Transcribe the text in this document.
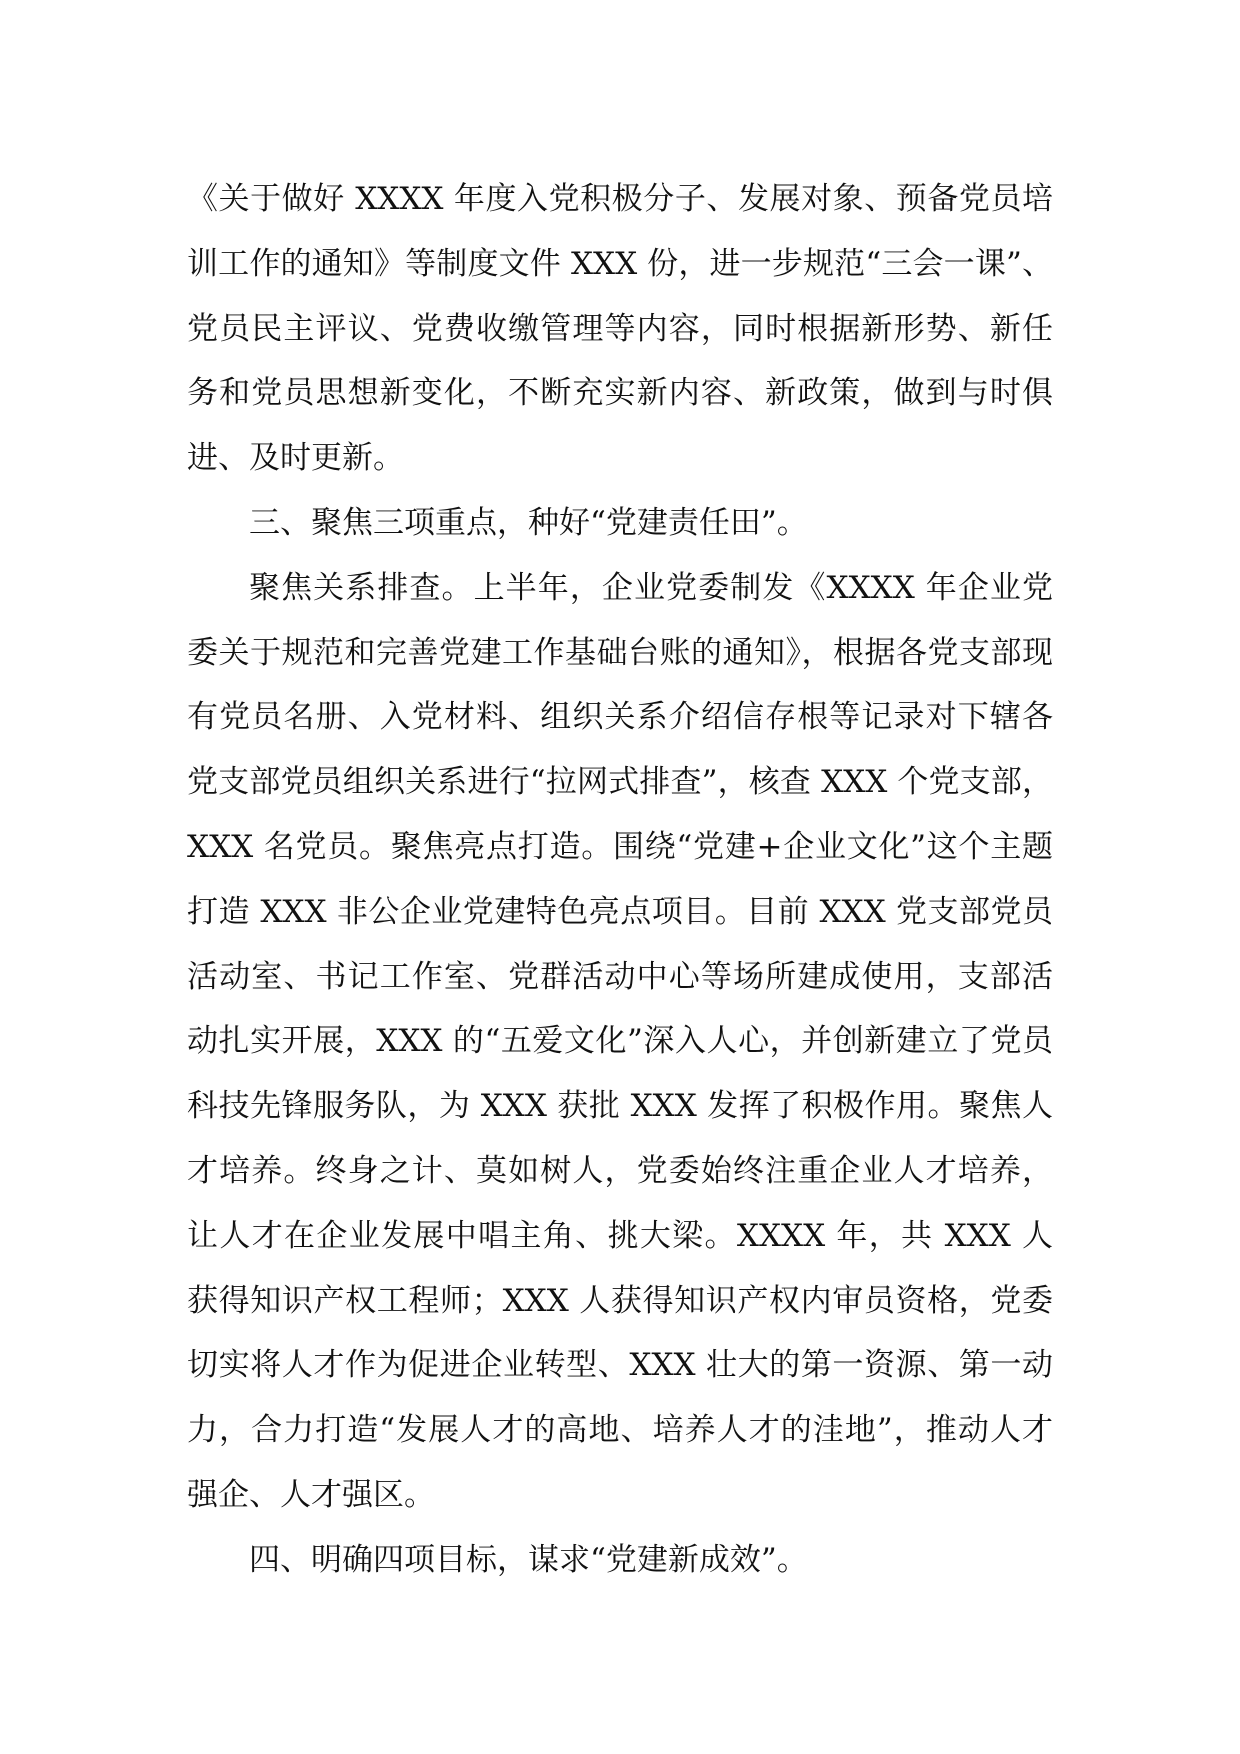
《关于做好 XXXX 年度入党积极分子、发展对象、预备党员培训工作的通知》等制度文件 XXX 份，进一步规范“三会一课”、党员民主评议、党费收缴管理等内容，同时根据新形势、新任务和党员思想新变化，不断充实新内容、新政策，做到与时俱进、及时更新。

三、聚焦三项重点，种好“党建责任田”。

聚焦关系排查。上半年，企业党委制发《XXXX 年企业党委关于规范和完善党建工作基础台账的通知》，根据各党支部现有党员名册、入党材料、组织关系介绍信存根等记录对下辖各党支部党员组织关系进行“拉网式排查”，核查 XXX 个党支部，XXX 名党员。聚焦亮点打造。围绕“党建+企业文化”这个主题打造 XXX 非公企业党建特色亮点项目。目前 XXX 党支部党员活动室、书记工作室、党群活动中心等场所建成使用，支部活动扎实开展，XXX 的“五爱文化”深入人心，并创新建立了党员科技先锋服务队，为 XXX 获批 XXX 发挥了积极作用。聚焦人才培养。终身之计、莫如树人，党委始终注重企业人才培养，让人才在企业发展中唱主角、挑大梁。XXXX 年，共 XXX 人获得知识产权工程师；XXX 人获得知识产权内审员资格，党委切实将人才作为促进企业转型、XXX 壮大的第一资源、第一动力，合力打造“发展人才的高地、培养人才的洼地”，推动人才强企、人才强区。

四、明确四项目标，谋求“党建新成效”。
